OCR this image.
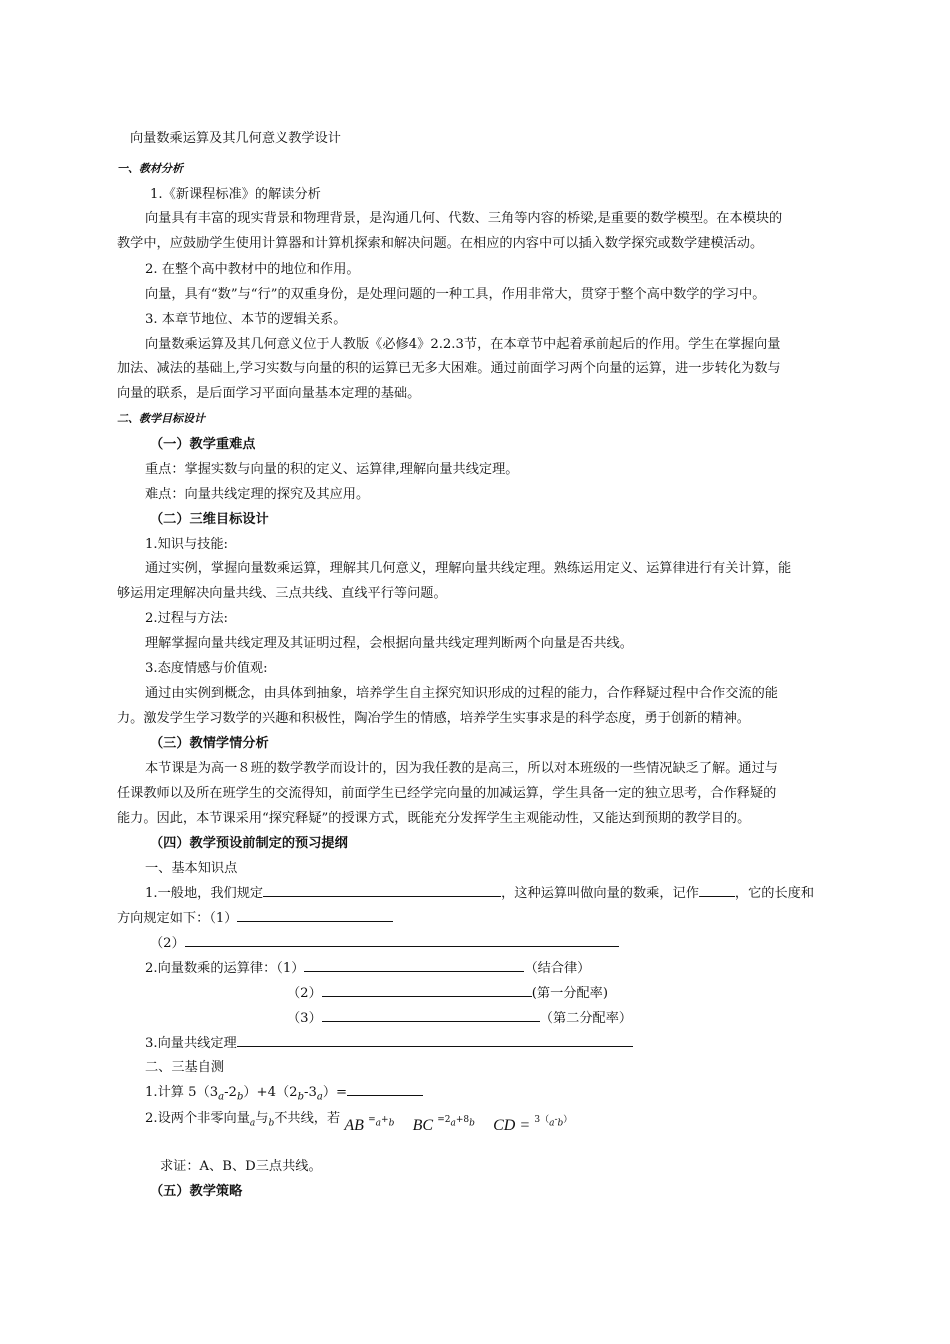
向量数乘运算及其几何意义教学设计
一、教材分析
1.《新课程标准》的解读分析
向量具有丰富的现实背景和物理背景，是沟通几何、代数、三角等内容的桥梁,是重要的数学模型。在本模块的
教学中，应鼓励学生使用计算器和计算机探索和解决问题。在相应的内容中可以插入数学探究或数学建模活动。
2. 在整个高中教材中的地位和作用。
向量，具有“数”与“行”的双重身份，是处理问题的一种工具，作用非常大，贯穿于整个高中数学的学习中。
3. 本章节地位、本节的逻辑关系。
向量数乘运算及其几何意义位于人教版《必修4》2.2.3节，在本章节中起着承前起后的作用。学生在掌握向量
加法、减法的基础上,学习实数与向量的积的运算已无多大困难。通过前面学习两个向量的运算，进一步转化为数与
向量的联系，是后面学习平面向量基本定理的基础。
二、教学目标设计
（一）教学重难点
重点：掌握实数与向量的积的定义、运算律,理解向量共线定理。
难点：向量共线定理的探究及其应用。
（二）三维目标设计
1.知识与技能:
通过实例，掌握向量数乘运算，理解其几何意义，理解向量共线定理。熟练运用定义、运算律进行有关计算，能
够运用定理解决向量共线、三点共线、直线平行等问题。
2.过程与方法:
理解掌握向量共线定理及其证明过程，会根据向量共线定理判断两个向量是否共线。
3.态度情感与价值观:
通过由实例到概念，由具体到抽象，培养学生自主探究知识形成的过程的能力，合作释疑过程中合作交流的能
力。激发学生学习数学的兴趣和积极性，陶冶学生的情感，培养学生实事求是的科学态度，勇于创新的精神。
（三）教情学情分析
本节课是为高一８班的数学教学而设计的，因为我任教的是高三，所以对本班级的一些情况缺乏了解。通过与
任课教师以及所在班学生的交流得知，前面学生已经学完向量的加减运算，学生具备一定的独立思考，合作释疑的
能力。因此，本节课采用“探究释疑”的授课方式，既能充分发挥学生主观能动性，又能达到预期的教学目的。
（四）教学预设前制定的预习提纲
一、基本知识点
1.一般地，我们规定	，这种运算叫做向量的数乘，记作	，它的长度和
方向规定如下：（1）
（2）
2.向量数乘的运算律：（1）	（结合律）
（2）	(第一分配率)
（3）	（第二分配率）
3.向量共线定理
二、三基自测
1.计算 $5(3_a-2_b)+4(2_b-3_a)=$
2.设两个非零向量$_a$与$_b$不共线，若 AB $=_a+_b$ BC $=2_a+8_b$ CD = $3(_a-_b)$
求证：A、B、D三点共线。
（五）教学策略
